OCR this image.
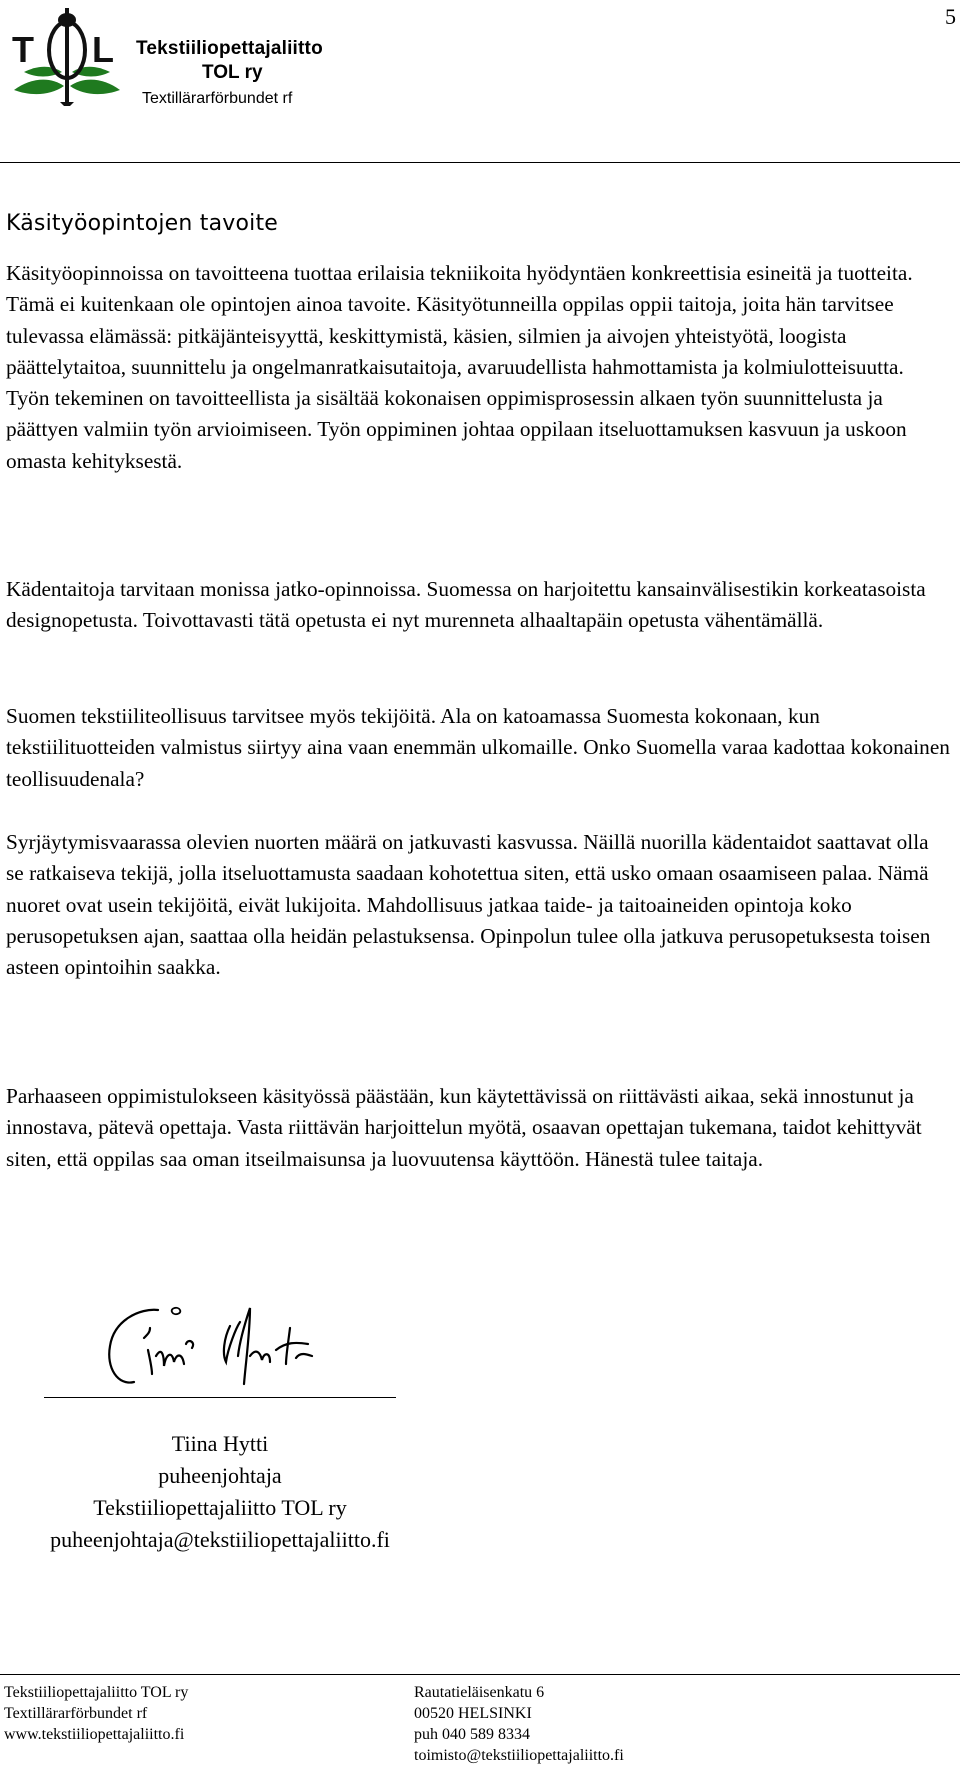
5
T L Tekstiiliopettajaliitto
TOL ry
Textillärarförbundet rf
Käsityöopintojen tavoite

Käsityöopinnoissa on tavoitteena tuottaa erilaisia tekniikoita hyödyntäen konkreettisia esineitä ja tuotteita. Tämä ei kuitenkaan ole opintojen ainoa tavoite. Käsityötunneilla oppilas oppii taitoja, joita hän tarvitsee tulevassa elämässä: pitkäjänteisyyttä, keskittymistä, käsien, silmien ja aivojen yhteistyötä, loogista päättelytaitoa, suunnittelu ja ongelmanratkaisutaitoja, avaruudellista hahmottamista ja kolmiulotteisuutta. Työn tekeminen on tavoitteellista ja sisältää kokonaisen oppimisprosessin alkaen työn suunnittelusta ja päättyen valmiin työn arvioimiseen. Työn oppiminen johtaa oppilaan itseluottamuksen kasvuun ja uskoon omasta kehityksestä.

Kädentaitoja tarvitaan monissa jatko-opinnoissa. Suomessa on harjoitettu kansainvälisestikin korkeatasoista designopetusta. Toivottavasti tätä opetusta ei nyt murenneta alhaaltapäin opetusta vähentämällä.

Suomen tekstiiliteollisuus tarvitsee myös tekijöitä. Ala on katoamassa Suomesta kokonaan, kun tekstiilituotteiden valmistus siirtyy aina vaan enemmän ulkomaille. Onko Suomella varaa kadottaa kokonainen teollisuudenala?

Syrjäytymisvaarassa olevien nuorten määrä on jatkuvasti kasvussa. Näillä nuorilla kädentaidot saattavat olla se ratkaiseva tekijä, jolla itseluottamusta saadaan kohotettua siten, että usko omaan osaamiseen palaa. Nämä nuoret ovat usein tekijöitä, eivät lukijoita. Mahdollisuus jatkaa taide- ja taitoaineiden opintoja koko perusopetuksen ajan, saattaa olla heidän pelastuksensa. Opinpolun tulee olla jatkuva perusopetuksesta toisen asteen opintoihin saakka.

Parhaaseen oppimistulokseen käsityössä päästään, kun käytettävissä on riittävästi aikaa, sekä innostunut ja innostava, pätevä opettaja. Vasta riittävän harjoittelun myötä, osaavan opettajan tukemana, taidot kehittyvät siten, että oppilas saa oman itseilmaisunsa ja luovuutensa käyttöön. Hänestä tulee taitaja.

Tiina Hytti
puheenjohtaja
Tekstiiliopettajaliitto TOL ry
puheenjohtaja@tekstiiliopettajaliitto.fi
Tekstiiliopettajaliitto TOL ry
Textillärarförbundet rf
www.tekstiiliopettajaliitto.fi
Rautatieläisenkatu 6
00520 HELSINKI
puh 040 589 8334
toimisto@tekstiiliopettajaliitto.fi
